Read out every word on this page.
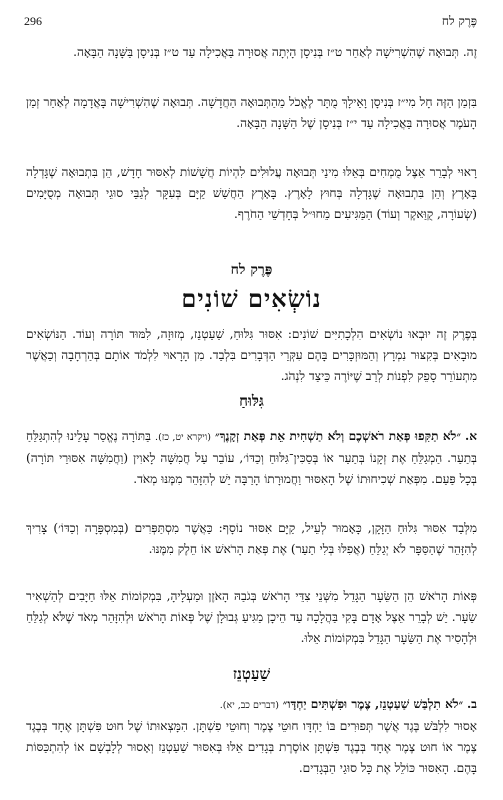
פֶּרֶק לח
296
זֶה. תְּבוּאָה שֶׁהִשְׁרִישָׁה לְאַחַר ט״ז בְּנִיסָן הָיְתָה אֲסוּרָה בַּאֲכִילָה עַד ט״ז בְּנִיסָן בַּשָּׁנָה הַבָּאָה.
בִּזְמַן הַזֶּה חָל מִי״ז בְּנִיסָן וָאֵילָךְ מֻתָּר לֶאֱכֹל מֵהַתְּבוּאָה הַחֲדָשָׁה. תְּבוּאָה שֶׁהִשְׁרִישָׁה בָּאֲדָמָה לְאַחַר זְמַן הָעֹמֶר אֲסוּרָה בַּאֲכִילָה עַד י״ז בְּנִיסָן שֶׁל הַשָּׁנָה הַבָּאָה.
רָאוּי לְבָרֵר אֵצֶל מֻמְחִים בְּאֵלּוּ מִינֵי תְּבוּאָה עֲלוּלִים לִהְיוֹת חֲשָׁשׁוֹת לְאִסּוּר חָדָשׁ, הֵן בִּתְבוּאָה שֶׁגָּדְלָה בָּאָרֶץ וְהֵן בִּתְבוּאָה שֶׁגָּדְלָה בְּחוּץ לָאָרֶץ. בָּאָרֶץ הַחֲשַׁשׁ קַיָּם בְּעִקָּר לְגַבֵּי סוּגֵי תְּבוּאָה מְסֻיָּמִים (שְׂעוֹרָה, קֻוַּאקֶר וְעוֹד) הַמַּגִּיעִים מֵחוּ״ל בְּחָדְשֵׁי הַחֹרֶף.
פֶּרֶק לח
נוֹשְׂאִים שׁוֹנִים
בְּפֶרֶק זֶה יוּבְאוּ נוֹשְׂאִים הִלְכָתִיִּים שׁוֹנִים: אִסּוּר גִּלּוּחַ, שַׁעַטְנֵז, מְזוּזָה, לִמּוּד תּוֹרָה וְעוֹד. הַנּוֹשְׂאִים מוּבָאִים בְּקִצּוּר נִמְרָץ וְהַמּוּזְכָּרִים בָּהֶם עִקְּרֵי הַדְּבָרִים בִּלְבַד. מִן הָרָאוּי לִלְמֹד אוֹתָם בְּהַרְחָבָה וְכַאֲשֶׁר מִתְעוֹרֵר סָפֵק לִפְנוֹת לְרַב שֶׁיּוֹרֶה כֵּיצַד לִנְהֹג.
גִּלּוּחַ
א. ״לֹא תַקִּפוּ פְּאַת רֹאשְׁכֶם וְלֹא תַשְׁחִית אֵת פְּאַת זְקָנֶךָ״ (ויקרא יט, כז). בַּתּוֹרָה נֶאֱסַר עָלֵינוּ לְהִתְגַּלֵּחַ בְּתַעַר. הַמְגַלֵּחַ אֶת זְקָנוֹ בְּתַעַר אוֹ בְּסַכִּין־גִּלּוּחַ וְכַדּוֹ׳, עוֹבֵר עַל חֲמִשָּׁה לָאוִין (וַחֲמִשָּׁה אִסּוּרֵי תּוֹרָה) בְּכָל פַּעַם. מִפְּאַת שְׁכִיחוּתוֹ שֶׁל הָאִסּוּר וַחֲמוּרָתוֹ הָרַבָּה יֵשׁ לְהִזָּהֵר מִמֶּנּוּ מְאֹד.
מִלְּבַד אִסּוּר גִּלּוּחַ הַזָּקָן, כָּאָמוּר לְעֵיל, קַיָּם אִסּוּר נוֹסָף: כַּאֲשֶׁר מִסְתַּפְּרִים (בְּמִסְפָּרָה וְכַדּוֹ׳) צָרִיךְ לְהִזָּהֵר שֶׁהַסַּפָּר לֹא יְגַלֵּחַ (אֲפִלּוּ בְּלִי תַעַר) אֶת פְּאַת הָרֹאשׁ אוֹ חֵלֶק מִמֶּנּוּ.
פְּאוֹת הָרֹאשׁ הֵן הַשֵּׂעָר הַגָּדֵל מִשְּׁנֵי צִדֵּי הָרֹאשׁ בְּגֹבַהּ הָאֹזֶן וּמַעְלָיהָ, בִּמְקוֹמוֹת אֵלּוּ חַיָּבִים לְהַשְׁאִיר שֵׂעָר. יֵשׁ לְבָרֵר אֵצֶל אָדָם בָּקִי בַּהֲלָכָה עַד הֵיכָן מַגִּיעַ גְּבוּלָן שֶׁל פְּאוֹת הָרֹאשׁ וּלְהִזָּהֵר מְאֹד שֶׁלֹּא לְגַלֵּחַ וּלְהָסִיר אֶת הַשֵּׂעָר הַגָּדֵל בִּמְקוֹמוֹת אֵלּוּ.
שַׁעַטְנֵז
ב. ״לֹא תִלְבַּשׁ שַׁעַטְנֵז, צֶמֶר וּפִשְׁתִּים יַחְדָּו״ (דברים כב, יא).
אָסוּר לִלְבֹּשׁ בֶּגֶד אֲשֶׁר תְּפוּרִים בּוֹ יַחְדָּו חוּטֵי צֶמֶר וְחוּטֵי פִשְׁתָּן. הִמָּצְאוּתוֹ שֶׁל חוּט פִּשְׁתָּן אֶחָד בְּבֶגֶד צֶמֶר אוֹ חוּט צֶמֶר אֶחָד בְּבֶגֶד פִּשְׁתָּן אוֹסֶרֶת בְּגָדִים אֵלּוּ בְּאִסּוּר שַׁעַטְנֵז וְאָסוּר לְלָבְשָׁם אוֹ לְהִתְכַּסּוֹת בָּהֶם. הָאִסּוּר כּוֹלֵל אֶת כָּל סוּגֵי הַבְּגָדִים.
